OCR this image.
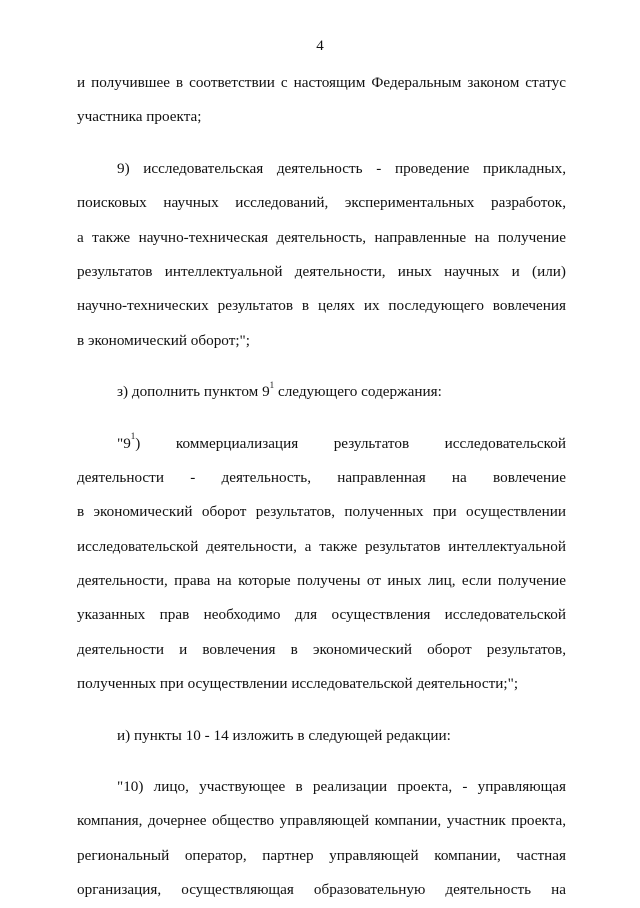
4
и получившее в соответствии с настоящим Федеральным законом статус
участника проекта;
9) исследовательская деятельность - проведение прикладных,
поисковых научных исследований, экспериментальных разработок,
а также научно-техническая деятельность, направленные на получение
результатов интеллектуальной деятельности, иных научных и (или)
научно-технических результатов в целях их последующего вовлечения
в экономический оборот;";
з) дополнить пунктом $9^1$ следующего содержания:
"$9^1$) коммерциализация результатов исследовательской
деятельности - деятельность, направленная на вовлечение
в экономический оборот результатов, полученных при осуществлении
исследовательской деятельности, а также результатов интеллектуальной
деятельности, права на которые получены от иных лиц, если получение
указанных прав необходимо для осуществления исследовательской
деятельности и вовлечения в экономический оборот результатов,
полученных при осуществлении исследовательской деятельности;";
и) пункты 10 - 14 изложить в следующей редакции:
"10) лицо, участвующее в реализации проекта, - управляющая
компания, дочернее общество управляющей компании, участник проекта,
региональный оператор, партнер управляющей компании, частная
организация, осуществляющая образовательную деятельность на
